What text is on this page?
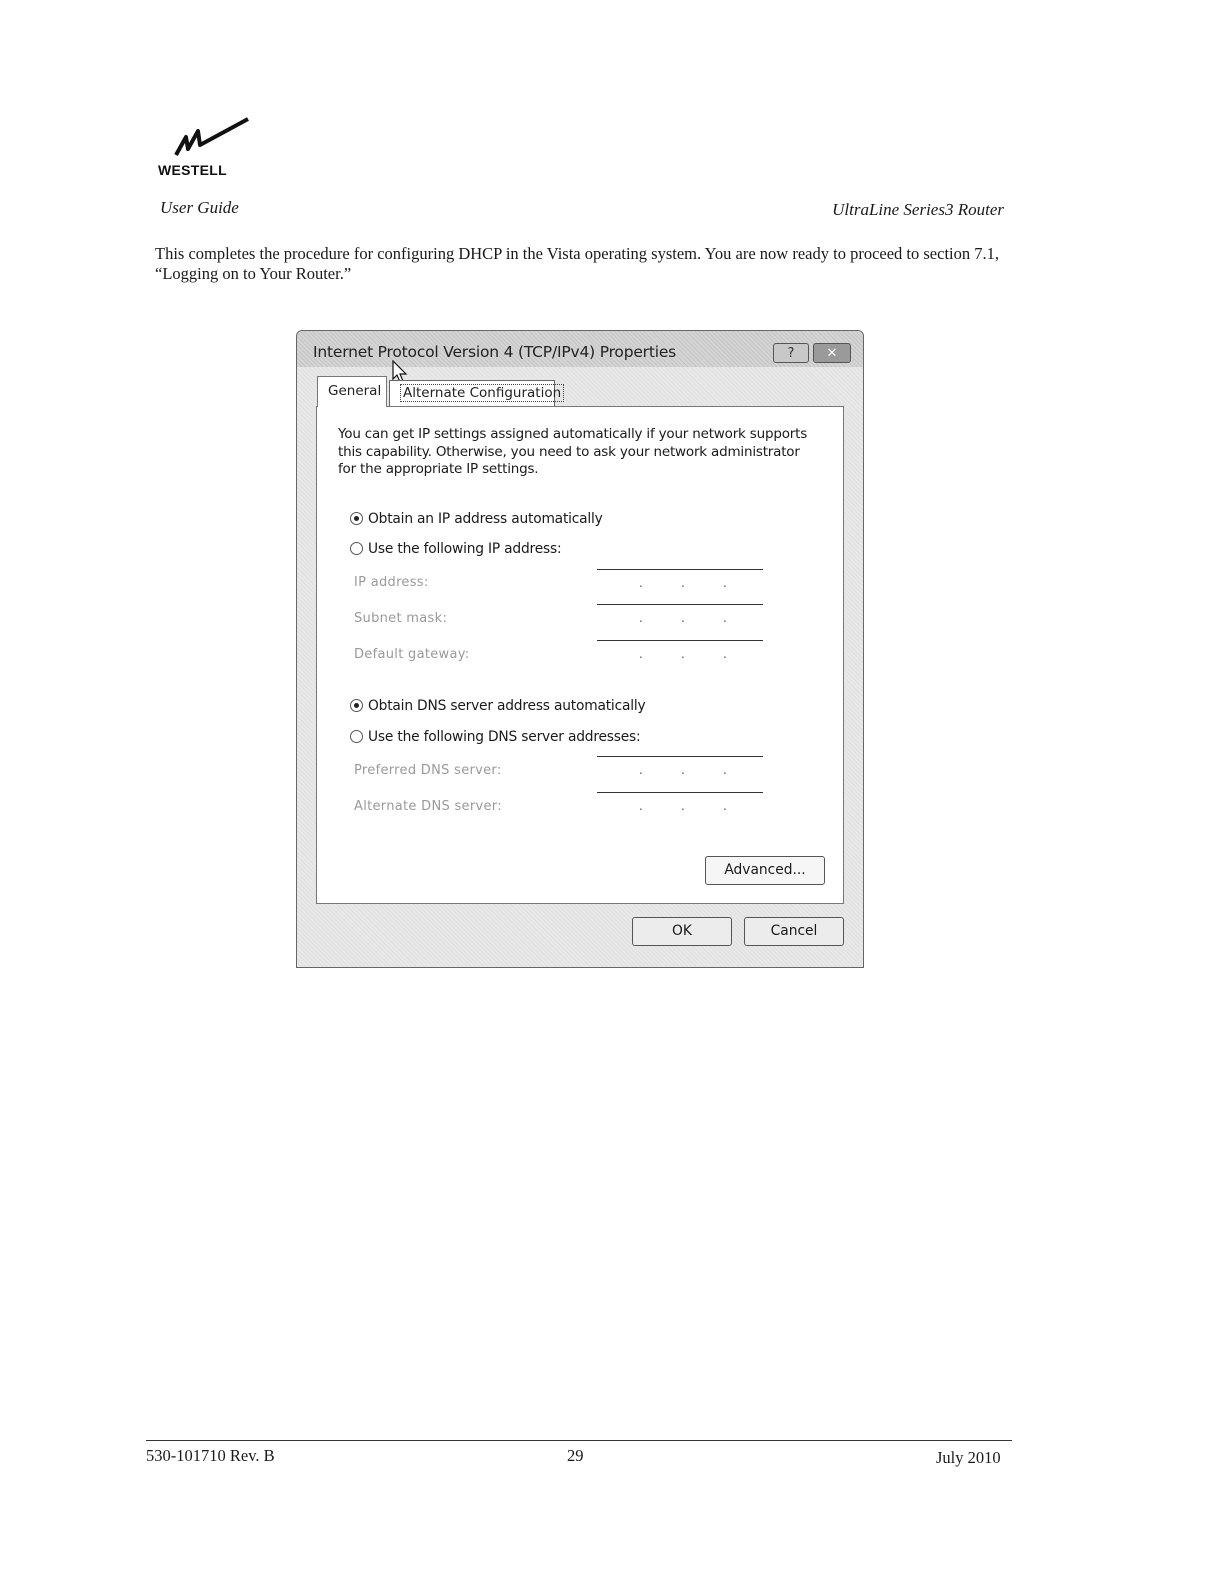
WESTELL
User Guide	UltraLine Series3 Router
This completes the procedure for configuring DHCP in the Vista operating system. You are now ready to proceed to section 7.1, “Logging on to Your Router.”
Internet Protocol Version 4 (TCP/IPv4) Properties	?	✕
General	Alternate Configuration
You can get IP settings assigned automatically if your network supports this capability. Otherwise, you need to ask your network administrator for the appropriate IP settings.
Obtain an IP address automatically
Use the following IP address:
IP address:	.	.	.
Subnet mask:	.	.	.
Default gateway:	.	.	.
Obtain DNS server address automatically
Use the following DNS server addresses:
Preferred DNS server:	.	.	.
Alternate DNS server:	.	.	.
Advanced...
OK	Cancel
530-101710 Rev. B	29	July 2010
